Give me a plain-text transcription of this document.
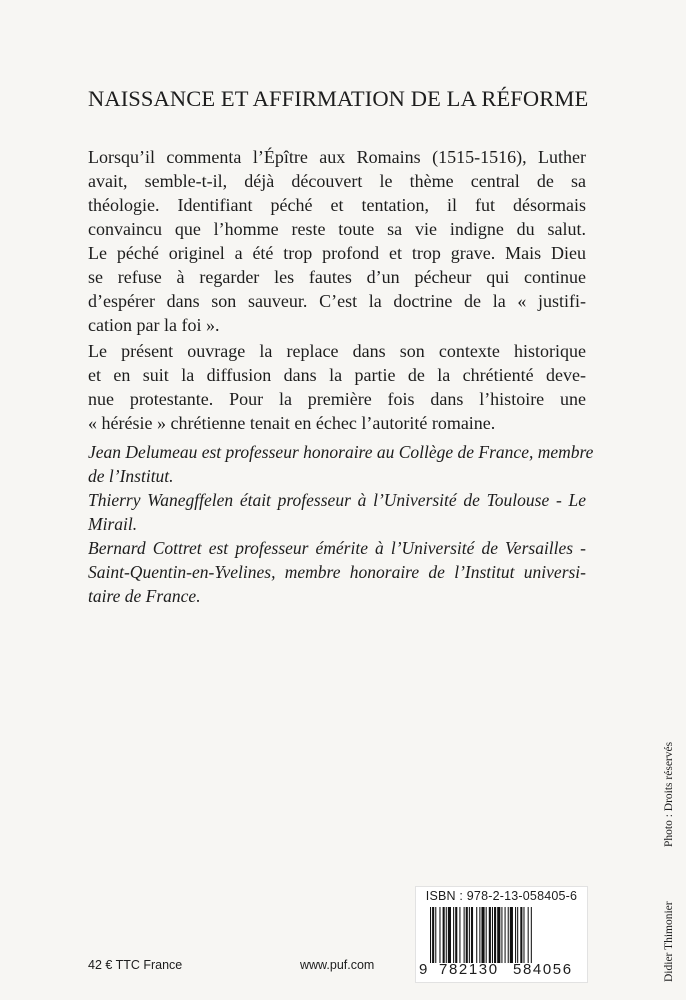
NAISSANCE ET AFFIRMATION DE LA RÉFORME
Lorsqu’il commenta l’Épître aux Romains (1515-1516), Luther
avait, semble-t-il, déjà découvert le thème central de sa
théologie. Identifiant péché et tentation, il fut désormais
convaincu que l’homme reste toute sa vie indigne du salut.
Le péché originel a été trop profond et trop grave. Mais Dieu
se refuse à regarder les fautes d’un pécheur qui continue
d’espérer dans son sauveur. C’est la doctrine de la « justifi-
cation par la foi ».
Le présent ouvrage la replace dans son contexte historique
et en suit la diffusion dans la partie de la chrétienté deve-
nue protestante. Pour la première fois dans l’histoire une
« hérésie » chrétienne tenait en échec l’autorité romaine.
Jean Delumeau est professeur honoraire au Collège de France, membre
de l’Institut.
Thierry Wanegffelen était professeur à l’Université de Toulouse - Le
Mirail.
Bernard Cottret est professeur émérite à l’Université de Versailles -
Saint-Quentin-en-Yvelines, membre honoraire de l’Institut universi-
taire de France.
Didier Thimonier
Photo : Droits réservés
ISBN : 978-2-13-058405-6
9 782130 584056
42 € TTC France	www.puf.com
